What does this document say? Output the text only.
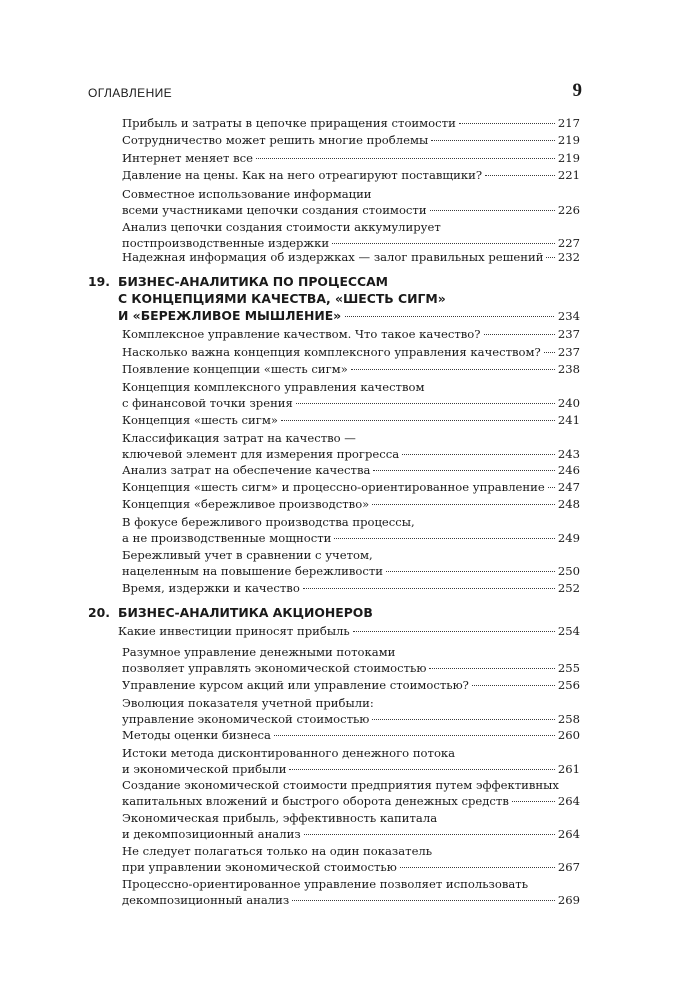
ОГЛАВЛЕНИЕ	9
Прибыль и затраты в цепочке приращения стоимости	217
Сотрудничество может решить многие проблемы	219
Интернет меняет все	219
Давление на цены. Как на него отреагируют поставщики?	221
Совместное использование информации
всеми участниками цепочки создания стоимости	226
Анализ цепочки создания стоимости аккумулирует
постпроизводственные издержки	227
Надежная информация об издержках — залог правильных решений 232
19. БИЗНЕС-АНАЛИТИКА ПО ПРОЦЕССАМ
С КОНЦЕПЦИЯМИ КАЧЕСТВА, «ШЕСТЬ СИГМ»
И «БЕРЕЖЛИВОЕ МЫШЛЕНИЕ»	234
Комплексное управление качеством. Что такое качество?	237
Насколько важна концепция комплексного управления качеством? 237
Появление концепции «шесть сигм»	238
Концепция комплексного управления качеством
с финансовой точки зрения	240
Концепция «шесть сигм»	241
Классификация затрат на качество —
ключевой элемент для измерения прогресса	243
Анализ затрат на обеспечение качества	246
Концепция «шесть сигм» и процессно-ориентированное управление 247
Концепция «бережливое производство»	248
В фокусе бережливого производства процессы,
а не производственные мощности	249
Бережливый учет в сравнении с учетом,
нацеленным на повышение бережливости	250
Время, издержки и качество	252
20. БИЗНЕС-АНАЛИТИКА АКЦИОНЕРОВ
Какие инвестиции приносят прибыль	254
Разумное управление денежными потоками
позволяет управлять экономической стоимостью	255
Управление курсом акций или управление стоимостью?	256
Эволюция показателя учетной прибыли:
управление экономической стоимостью	258
Методы оценки бизнеса	260
Истоки метода дисконтированного денежного потока
и экономической прибыли	261
Создание экономической стоимости предприятия путем эффективных
капитальных вложений и быстрого оборота денежных средств	264
Экономическая прибыль, эффективность капитала
и декомпозиционный анализ	264
Не следует полагаться только на один показатель
при управлении экономической стоимостью	267
Процессно-ориентированное управление позволяет использовать
декомпозиционный анализ	269
